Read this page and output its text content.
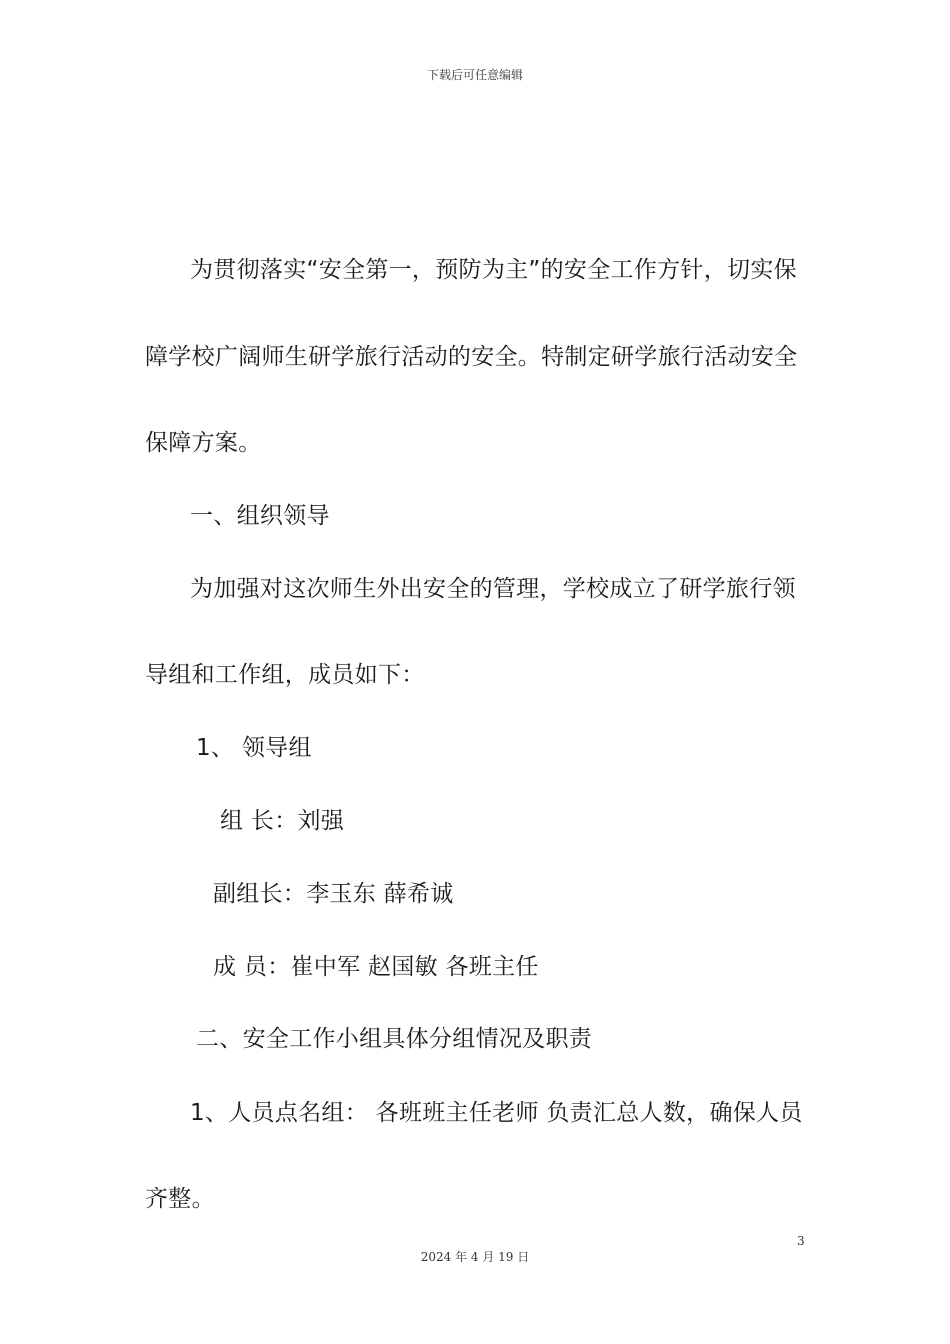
下载后可任意编辑
为贯彻落实“安全第一，预防为主”的安全工作方针，切实保
障学校广阔师生研学旅行活动的安全。特制定研学旅行活动安全
保障方案。
一、组织领导
为加强对这次师生外出安全的管理，学校成立了研学旅行领
导组和工作组，成员如下：
1、 领导组
组 长：刘强
副组长：李玉东 薛希诚
成 员：崔中军 赵国敏 各班主任
二、安全工作小组具体分组情况及职责
1、人员点名组： 各班班主任老师 负责汇总人数，确保人员
齐整。
3
2024 年 4 月 19 日
